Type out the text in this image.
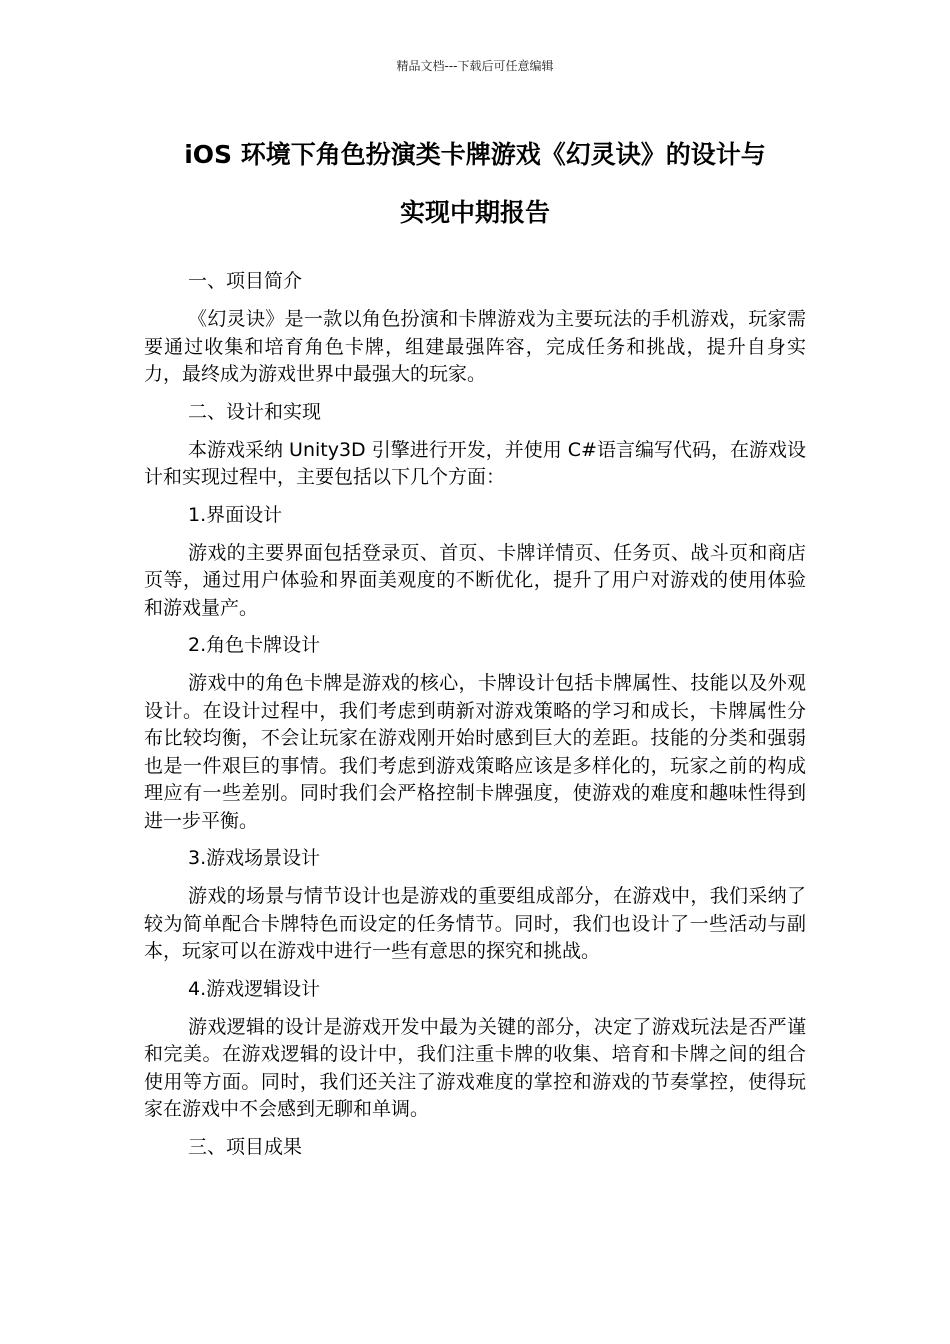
精品文档---下载后可任意编辑
iOS 环境下角色扮演类卡牌游戏《幻灵诀》的设计与
实现中期报告
一、项目简介

《幻灵诀》是一款以角色扮演和卡牌游戏为主要玩法的手机游戏，玩家需要通过收集和培育角色卡牌，组建最强阵容，完成任务和挑战，提升自身实力，最终成为游戏世界中最强大的玩家。

二、设计和实现

本游戏采纳 Unity3D 引擎进行开发，并使用 C#语言编写代码，在游戏设计和实现过程中，主要包括以下几个方面：

1.界面设计

游戏的主要界面包括登录页、首页、卡牌详情页、任务页、战斗页和商店页等，通过用户体验和界面美观度的不断优化，提升了用户对游戏的使用体验和游戏量产。

2.角色卡牌设计

游戏中的角色卡牌是游戏的核心，卡牌设计包括卡牌属性、技能以及外观设计。在设计过程中，我们考虑到萌新对游戏策略的学习和成长，卡牌属性分布比较均衡，不会让玩家在游戏刚开始时感到巨大的差距。技能的分类和强弱也是一件艰巨的事情。我们考虑到游戏策略应该是多样化的，玩家之前的构成理应有一些差别。同时我们会严格控制卡牌强度，使游戏的难度和趣味性得到进一步平衡。

3.游戏场景设计

游戏的场景与情节设计也是游戏的重要组成部分，在游戏中，我们采纳了较为简单配合卡牌特色而设定的任务情节。同时，我们也设计了一些活动与副本，玩家可以在游戏中进行一些有意思的探究和挑战。

4.游戏逻辑设计

游戏逻辑的设计是游戏开发中最为关键的部分，决定了游戏玩法是否严谨和完美。在游戏逻辑的设计中，我们注重卡牌的收集、培育和卡牌之间的组合使用等方面。同时，我们还关注了游戏难度的掌控和游戏的节奏掌控，使得玩家在游戏中不会感到无聊和单调。

三、项目成果
